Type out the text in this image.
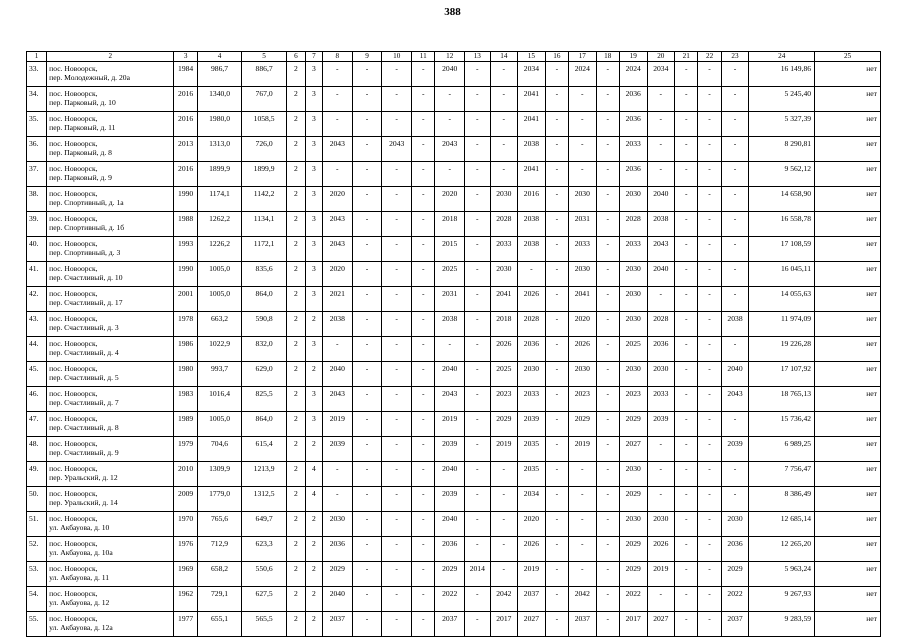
388
1	2	3	4	5	6	7	8	9	10	11	12	13	14	15	16	17	18	19	20	21	22	23	24	25
33.	пос. Новоорск,
пер. Молодежный, д. 20а	1984	986,7	886,7	2	3	-	-	-	-	2040	-	-	2034	-	2024	-	2024	2034	-	-	-	16 149,86	нет
34.	пос. Новоорск,
пер. Парковый, д. 10	2016	1340,0	767,0	2	3	-	-	-	-	-	-	-	2041	-	-	-	2036	-	-	-	-	5 245,40	нет
35.	пос. Новоорск,
пер. Парковый, д. 11	2016	1980,0	1058,5	2	3	-	-	-	-	-	-	-	2041	-	-	-	2036	-	-	-	-	5 327,39	нет
36.	пос. Новоорск,
пер. Парковый, д. 8	2013	1313,0	726,0	2	3	2043	-	2043	-	2043	-	-	2038	-	-	-	2033	-	-	-	-	8 290,81	нет
37.	пос. Новоорск,
пер. Парковый, д. 9	2016	1899,9	1899,9	2	3	-	-	-	-	-	-	-	2041	-	-	-	2036	-	-	-	-	9 562,12	нет
38.	пос. Новоорск,
пер. Спортивный, д. 1а	1990	1174,1	1142,2	2	3	2020	-	-	-	2020	-	2030	2016	-	2030	-	2030	2040	-	-	-	14 658,90	нет
39.	пос. Новоорск,
пер. Спортивный, д. 1б	1988	1262,2	1134,1	2	3	2043	-	-	-	2018	-	2028	2038	-	2031	-	2028	2038	-	-	-	16 558,78	нет
40.	пос. Новоорск,
пер. Спортивный, д. 3	1993	1226,2	1172,1	2	3	2043	-	-	-	2015	-	2033	2038	-	2033	-	2033	2043	-	-	-	17 108,59	нет
41.	пос. Новоорск,
пер. Счастливый, д. 10	1990	1005,0	835,6	2	3	2020	-	-	-	2025	-	2030	-	-	2030	-	2030	2040	-	-	-	16 045,11	нет
42.	пос. Новоорск,
пер. Счастливый, д. 17	2001	1005,0	864,0	2	3	2021	-	-	-	2031	-	2041	2026	-	2041	-	2030	-	-	-	-	14 055,63	нет
43.	пос. Новоорск,
пер. Счастливый, д. 3	1978	663,2	590,8	2	2	2038	-	-	-	2038	-	2018	2028	-	2020	-	2030	2028	-	-	2038	11 974,09	нет
44.	пос. Новоорск,
пер. Счастливый, д. 4	1986	1022,9	832,0	2	3	-	-	-	-	-	-	2026	2036	-	2026	-	2025	2036	-	-	-	19 226,28	нет
45.	пос. Новоорск,
пер. Счастливый, д. 5	1980	993,7	629,0	2	2	2040	-	-	-	2040	-	2025	2030	-	2030	-	2030	2030	-	-	2040	17 107,92	нет
46.	пос. Новоорск,
пер. Счастливый, д. 7	1983	1016,4	825,5	2	3	2043	-	-	-	2043	-	2023	2033	-	2023	-	2023	2033	-	-	2043	18 765,13	нет
47.	пос. Новоорск,
пер. Счастливый, д. 8	1989	1005,0	864,0	2	3	2019	-	-	-	2019	-	2029	2039	-	2029	-	2029	2039	-	-	-	15 736,42	нет
48.	пос. Новоорск,
пер. Счастливый, д. 9	1979	704,6	615,4	2	2	2039	-	-	-	2039	-	2019	2035	-	2019	-	2027	-	-	-	2039	6 989,25	нет
49.	пос. Новоорск,
пер. Уральский, д. 12	2010	1309,9	1213,9	2	4	-	-	-	-	2040	-	-	2035	-	-	-	2030	-	-	-	-	7 756,47	нет
50.	пос. Новоорск,
пер. Уральский, д. 14	2009	1779,0	1312,5	2	4	-	-	-	-	2039	-	-	2034	-	-	-	2029	-	-	-	-	8 386,49	нет
51.	пос. Новоорск,
ул. Акбауова, д. 10	1970	765,6	649,7	2	2	2030	-	-	-	2040	-	-	2020	-	-	-	2030	2030	-	-	2030	12 685,14	нет
52.	пос. Новоорск,
ул. Акбауова, д. 10а	1976	712,9	623,3	2	2	2036	-	-	-	2036	-	-	2026	-	-	-	2029	2026	-	-	2036	12 265,20	нет
53.	пос. Новоорск,
ул. Акбауова, д. 11	1969	658,2	550,6	2	2	2029	-	-	-	2029	2014	-	2019	-	-	-	2029	2019	-	-	2029	5 963,24	нет
54.	пос. Новоорск,
ул. Акбауова, д. 12	1962	729,1	627,5	2	2	2040	-	-	-	2022	-	2042	2037	-	2042	-	2022	-	-	-	2022	9 267,93	нет
55.	пос. Новоорск,
ул. Акбауова, д. 12а	1977	655,1	565,5	2	2	2037	-	-	-	2037	-	2017	2027	-	2037	-	2017	2027	-	-	2037	9 283,59	нет
